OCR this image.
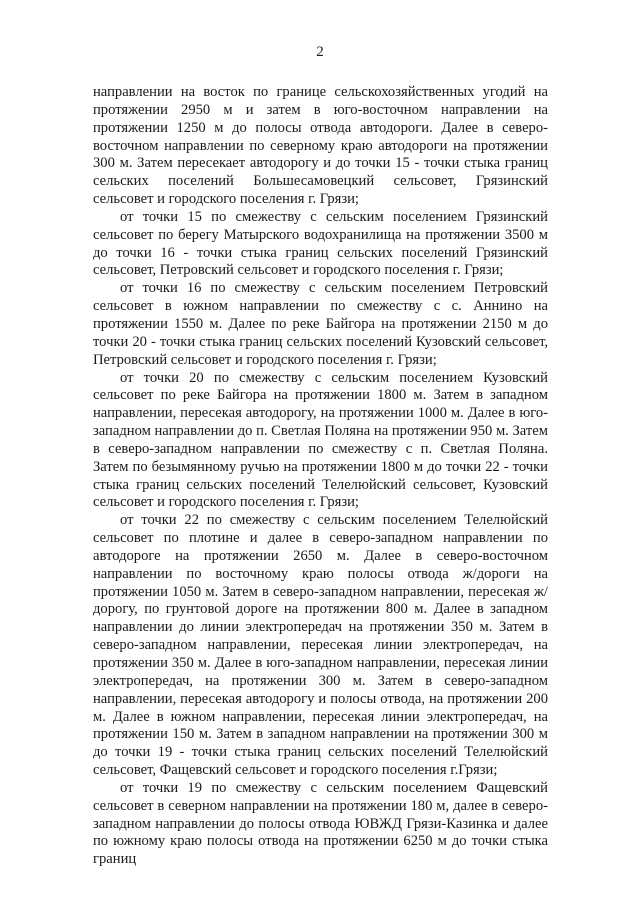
2

направлении на восток по границе сельскохозяйственных угодий на протяжении 2950 м и затем в юго-восточном направлении на протяжении 1250 м до полосы отвода автодороги. Далее в северо-восточном направлении по северному краю автодороги на протяжении 300 м. Затем пересекает автодорогу и до точки 15 - точки стыка границ сельских поселений Большесамовецкий сельсовет, Грязинский сельсовет и городского поселения г. Грязи;

от точки 15 по смежеству с сельским поселением Грязинский сельсовет по берегу Матырского водохранилища на протяжении 3500 м до точки 16 - точки стыка границ сельских поселений Грязинский сельсовет, Петровский сельсовет и городского поселения г. Грязи;

от точки 16 по смежеству с сельским поселением Петровский сельсовет в южном направлении по смежеству с с. Аннино на протяжении 1550 м. Далее по реке Байгора на протяжении 2150 м до точки 20 - точки стыка границ сельских поселений Кузовский сельсовет, Петровский сельсовет и городского поселения г. Грязи;

от точки 20 по смежеству с сельским поселением Кузовский сельсовет по реке Байгора на протяжении 1800 м. Затем в западном направлении, пересекая автодорогу, на протяжении 1000 м. Далее в юго-западном направлении до п. Светлая Поляна на протяжении 950 м. Затем в северо-западном направлении по смежеству с п. Светлая Поляна. Затем по безымянному ручью на протяжении 1800 м до точки 22 - точки стыка границ сельских поселений Телелюйский сельсовет, Кузовский сельсовет и городского поселения г. Грязи;

от точки 22 по смежеству с сельским поселением Телелюйский сельсовет по плотине и далее в северо-западном направлении по автодороге на протяжении 2650 м. Далее в северо-восточном направлении по восточному краю полосы отвода ж/дороги на протяжении 1050 м. Затем в северо-западном направлении, пересекая ж/дорогу, по грунтовой дороге на протяжении 800 м. Далее в западном направлении до линии электропередач на протяжении 350 м. Затем в северо-западном направлении, пересекая линии электропередач, на протяжении 350 м. Далее в юго-западном направлении, пересекая линии электропередач, на протяжении 300 м. Затем в северо-западном направлении, пересекая автодорогу и полосы отвода, на протяжении 200 м. Далее в южном направлении, пересекая линии электропередач, на протяжении 150 м. Затем в западном направлении на протяжении 300 м до точки 19 - точки стыка границ сельских поселений Телелюйский сельсовет, Фащевский сельсовет и городского поселения г.Грязи;

от точки 19 по смежеству с сельским поселением Фащевский сельсовет в северном направлении на протяжении 180 м, далее в северо-западном направлении до полосы отвода ЮВЖД Грязи-Казинка и далее по южному краю полосы отвода на протяжении 6250 м до точки стыка границ
